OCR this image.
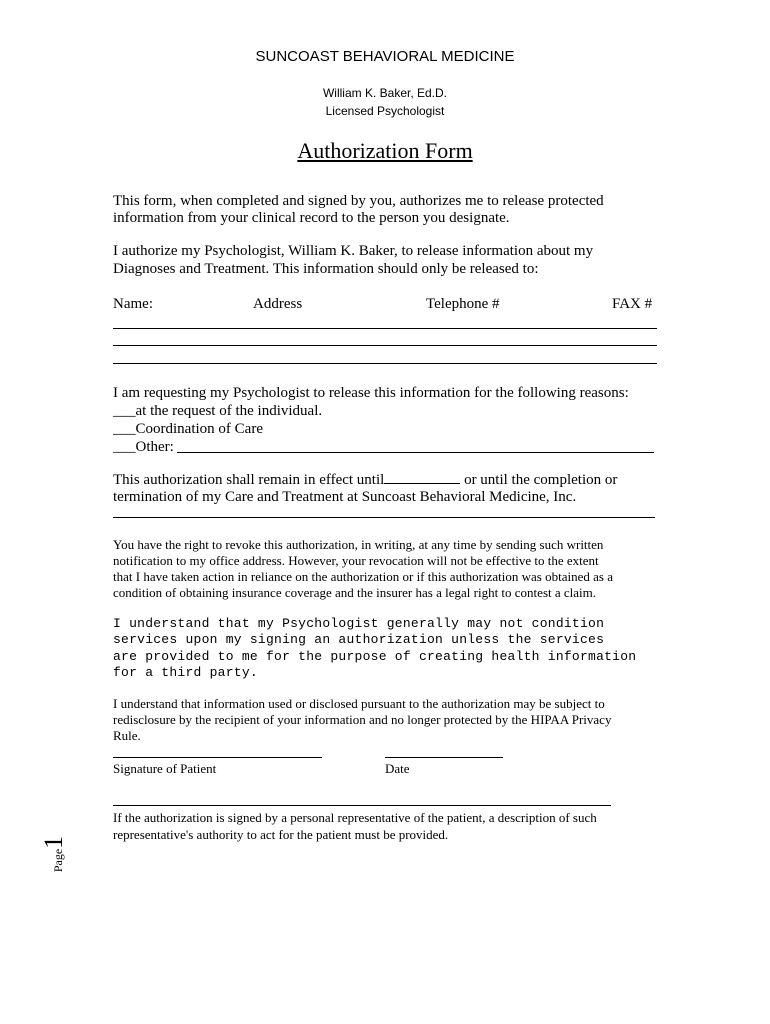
SUNCOAST BEHAVIORAL MEDICINE
William K. Baker, Ed.D.
Licensed Psychologist
Authorization Form
This form, when completed and signed by you, authorizes me to release protected
information from your clinical record to the person you designate.
I authorize my Psychologist, William K. Baker, to release information about my
Diagnoses and Treatment. This information should only be released to:
Name:	Address	Telephone #	FAX #
I am requesting my Psychologist to release this information for the following reasons:
___at the request of the individual.
___Coordination of Care
___Other:
This authorization shall remain in effect until	or until the completion or
termination of my Care and Treatment at Suncoast Behavioral Medicine, Inc.
You have the right to revoke this authorization, in writing, at any time by sending such written
notification to my office address. However, your revocation will not be effective to the extent
that I have taken action in reliance on the authorization or if this authorization was obtained as a
condition of obtaining insurance coverage and the insurer has a legal right to contest a claim.
I understand that my Psychologist generally may not condition
services upon my signing an authorization unless the services
are provided to me for the purpose of creating health information
for a third party.
I understand that information used or disclosed pursuant to the authorization may be subject to
redisclosure by the recipient of your information and no longer protected by the HIPAA Privacy
Rule.
Signature of Patient	Date
If the authorization is signed by a personal representative of the patient, a description of such
representative's authority to act for the patient must be provided.
Page1
